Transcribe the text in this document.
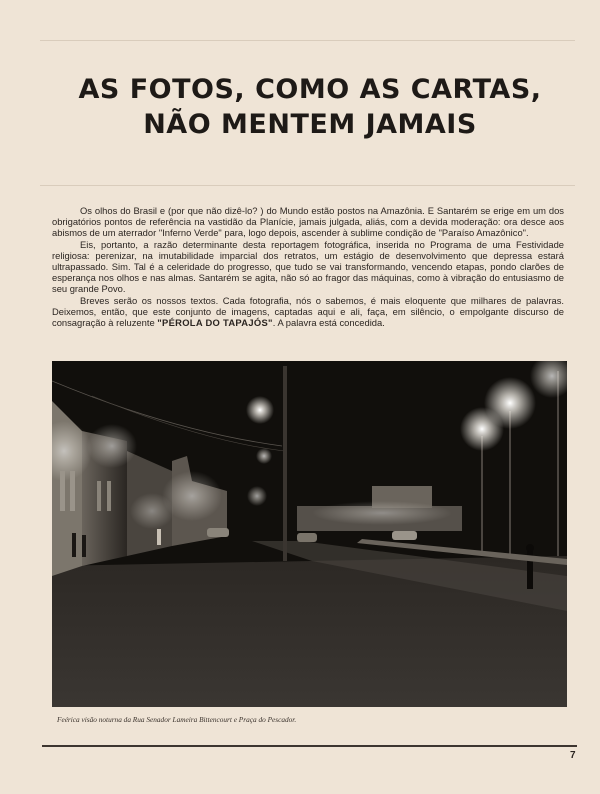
AS FOTOS, COMO AS CARTAS,
NÃO MENTEM JAMAIS

Os olhos do Brasil e (por que não dizê-lo? ) do Mundo estão postos na Amazônia. E Santarém se erige em um dos obrigatórios pontos de referência na vastidão da Planície, jamais julgada, aliás, com a devida moderação: ora desce aos abismos de um aterrador "Inferno Verde" para, logo depois, ascender à sublime condição de "Paraíso Amazônico".

Eis, portanto, a razão determinante desta reportagem fotográfica, inserida no Programa de uma Festividade religiosa: perenizar, na imutabilidade imparcial dos retratos, um estágio de desenvolvimento que depressa estará ultrapassado. Sim. Tal é a celeridade do progresso, que tudo se vai transformando, vencendo etapas, pondo clarões de esperança nos olhos e nas almas. Santarém se agita, não só ao fragor das máquinas, como à vibração do entusiasmo de seu grande Povo.

Breves serão os nossos textos. Cada fotografia, nós o sabemos, é mais eloquente que milhares de palavras. Deixemos, então, que este conjunto de imagens, captadas aqui e ali, faça, em silêncio, o empolgante discurso de consagração à reluzente "PÉROLA DO TAPAJÓS". A palavra está concedida.

Feérica visão noturna da Rua Senador Lameira Bittencourt e Praça do Pescador.
7
